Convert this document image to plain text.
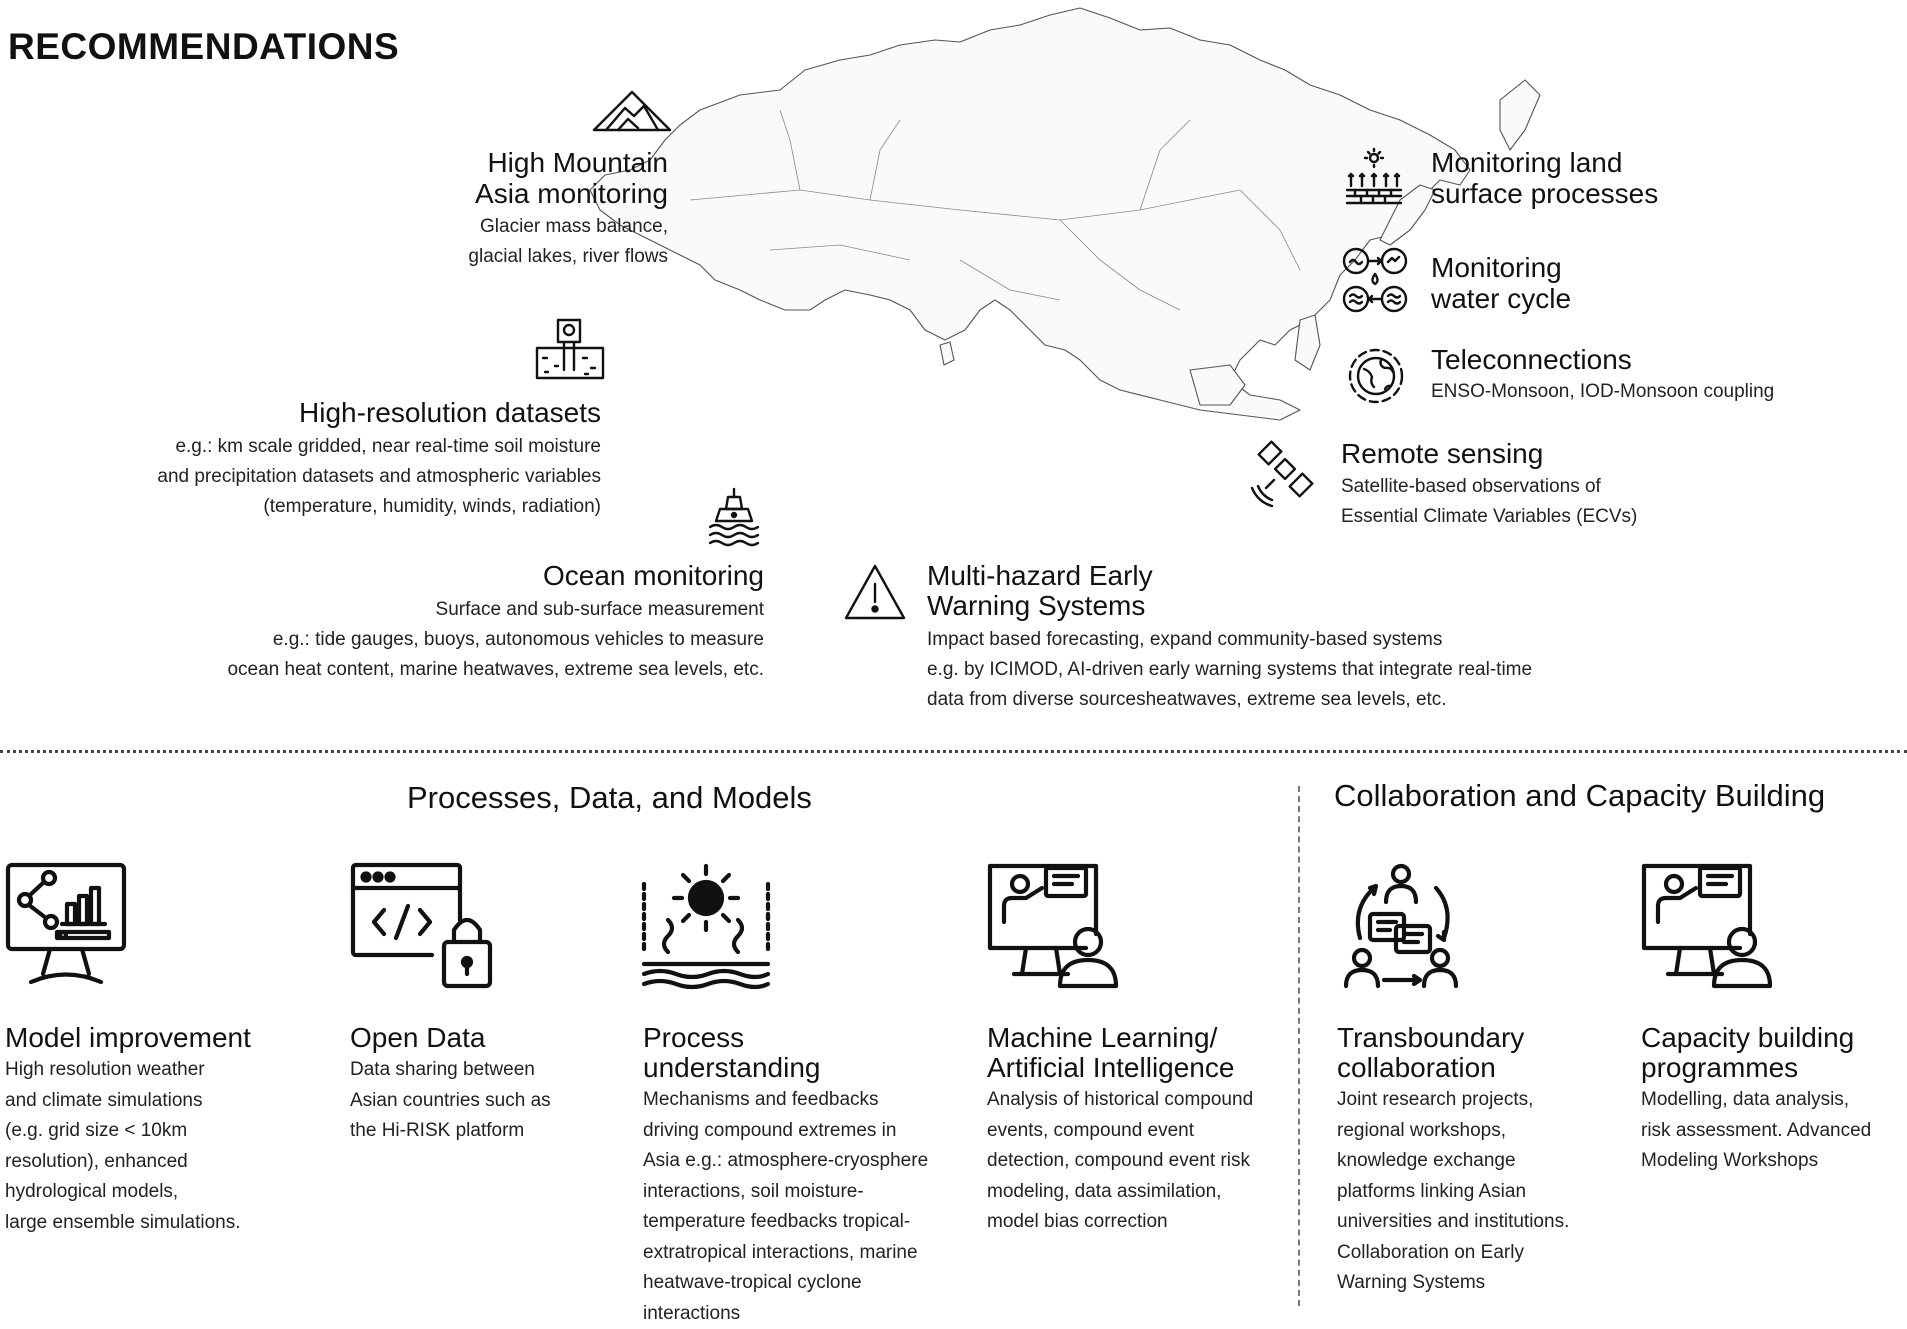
RECOMMENDATIONS
High Mountain
Asia monitoring
Glacier mass balance,
glacial lakes, river flows
High-resolution datasets
e.g.: km scale gridded, near real-time soil moisture
and precipitation datasets and atmospheric variables
(temperature, humidity, winds, radiation)
Ocean monitoring
Surface and sub-surface measurement
e.g.: tide gauges, buoys, autonomous vehicles to measure
ocean heat content, marine heatwaves, extreme sea levels, etc.
Multi-hazard Early
Warning Systems
Impact based forecasting, expand community-based systems
e.g. by ICIMOD, AI-driven early warning systems that integrate real-time
data from diverse sourcesheatwaves, extreme sea levels, etc.
Monitoring land
surface processes
Monitoring
water cycle
Teleconnections
ENSO-Monsoon, IOD-Monsoon coupling
Remote sensing
Satellite-based observations of
Essential Climate Variables (ECVs)
Processes, Data, and Models	Collaboration and Capacity Building
Model improvement
High resolution weather
and climate simulations
(e.g. grid size < 10km
resolution), enhanced
hydrological models,
large ensemble simulations.
Open Data
Data sharing between
Asian countries such as
the Hi-RISK platform
Process
understanding
Mechanisms and feedbacks
driving compound extremes in
Asia e.g.: atmosphere-cryosphere
interactions, soil moisture-
temperature feedbacks tropical-
extratropical interactions, marine
heatwave-tropical cyclone
interactions
Machine Learning/
Artificial Intelligence
Analysis of historical compound
events, compound event
detection, compound event risk
modeling, data assimilation,
model bias correction
Transboundary
collaboration
Joint research projects,
regional workshops,
knowledge exchange
platforms linking Asian
universities and institutions.
Collaboration on Early
Warning Systems
Capacity building
programmes
Modelling, data analysis,
risk assessment. Advanced
Modeling Workshops
